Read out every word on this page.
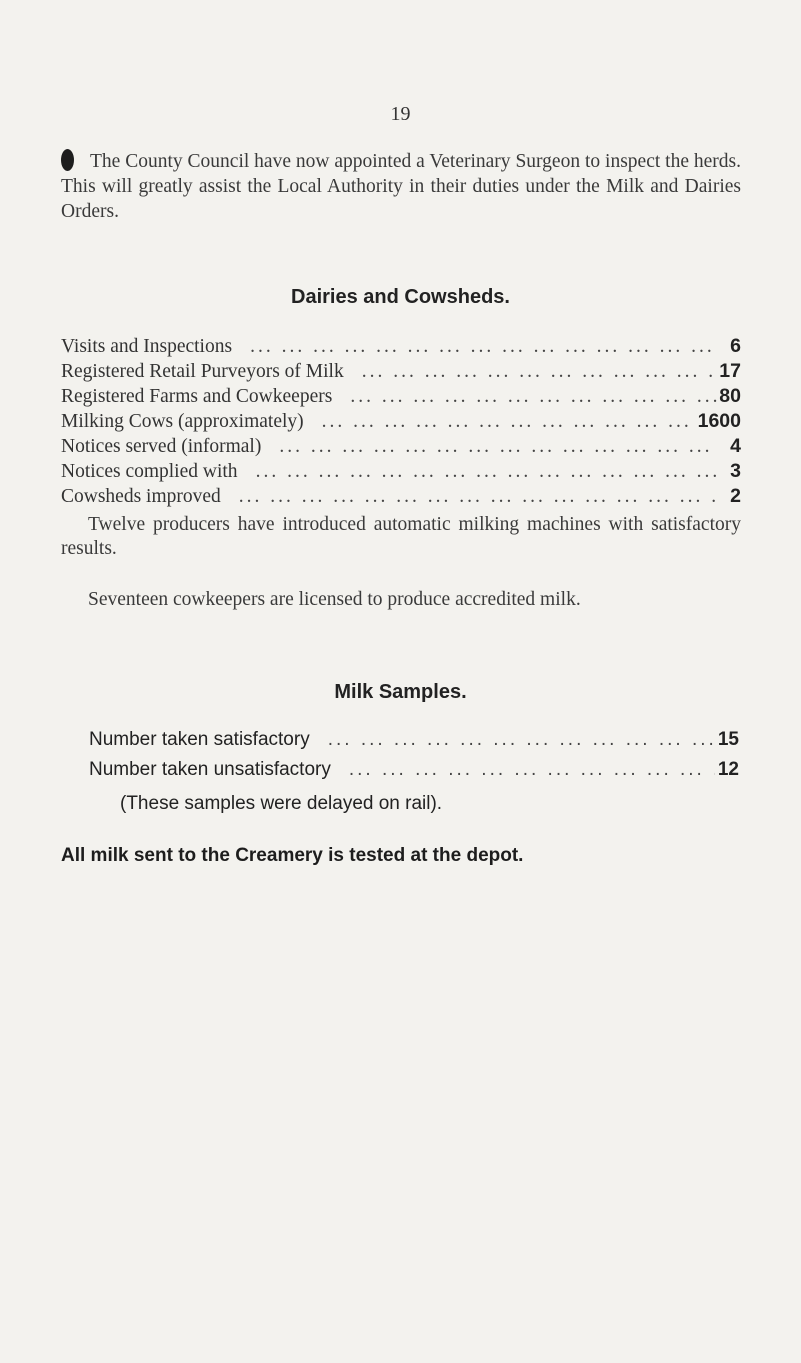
19
The County Council have now appointed a Veterinary Surgeon to inspect the herds. This will greatly assist the Local Authority in their duties under the Milk and Dairies Orders.
Dairies and Cowsheds.
Visits and Inspections ... .	6
Registered Retail Purveyors of Milk ... .	17
Registered Farms and Cowkeepers ... .	80
Milking Cows (approximately) ... .	1600
Notices served (informal) ... .	4
Notices complied with ... .	3
Cowsheds improved ... .	2
Twelve producers have introduced automatic milking machines with satisfactory results.
Seventeen cowkeepers are licensed to produce accredited milk.
Milk Samples.
Number taken satisfactory ... .	15
Number taken unsatisfactory ... .	12
(These samples were delayed on rail).
All milk sent to the Creamery is tested at the depot.
